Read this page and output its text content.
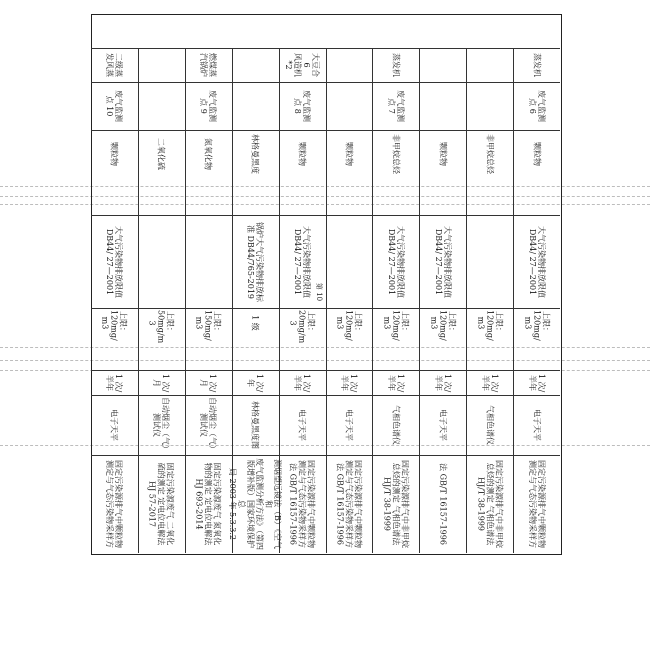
第 10
蒸发机
废气监测
点 6
颗粒物
大气污染物排放限值
DB44/ 27—2001
上限：
120mg/
m3
1 次/
半年
电子天平
固定污染源排气中颗粒物
测定与气态污染物采样方
非甲烷总烃
上限：
120mg/
m3
1 次/
半年
气相色谱仪
固定污染源排气中非甲烷
总烃的测定 气相色谱法
HJ/T 38-1999
颗粒物
大气污染物排放限值
DB44/ 27—2001
上限：
120mg/
m3
1 次/
半年
电子天平
法 GB/T 16157-1996
蒸发机
废气监测
点 7
非甲烷总烃
大气污染物排放限值
DB44/ 27—2001
上限：
120mg/
m3
1 次/
半年
气相色谱仪
固定污染源排气中非甲烷
总烃的测定 气相色谱法
HJ/T 38-1999
颗粒物
上限：
120mg/
m3
1 次/
半年
电子天平
固定污染源排气中颗粒物
测定与气态污染物采样方
法 GB/T 16157-1996
大豆合
6
风造机
*2
废气监测
点 8
颗粒物
大气污染物排放限值
DB44/ 27—2001
上限：
20mg/m
3
1 次/
半年
电子天平
固定污染源排气中颗粒物
测定与气态污染物采样方
法 GB/T 16157-1996
林格曼黑度
锅炉大气污染物排放标
准 DB44/765-2019
1 级
1 次/
年
林格曼黑度图
测烟望远镜法（B）《空气和
废气监测分析方法》（第四
版增补版）国家环境保护总
局 2003 年 5.3.3.2
燃煤蒸
汽锅炉
废气监测
点 9
氮氧化物
上限：
150mg/
m3
1 次/
月
自动烟尘（气）测试仪
固定污染源废气 氮氧化
物的测定 定电位电解法
HJ 693-2014
二氧化硫
上限：
50mg/m
3
1 次/
月
自动烟尘（气）测试仪
固定污染源废气 二氧化
硫的测定 定电位电解法
HJ 57-2017
二级蒸
发风蒸
废气监测
点 10
颗粒物
大气污染物排放限值
DB44/ 27—2001
上限：
120mg/
m3
1 次/
半年
电子天平
固定污染源排气中颗粒物
测定与气态污染物采样方
